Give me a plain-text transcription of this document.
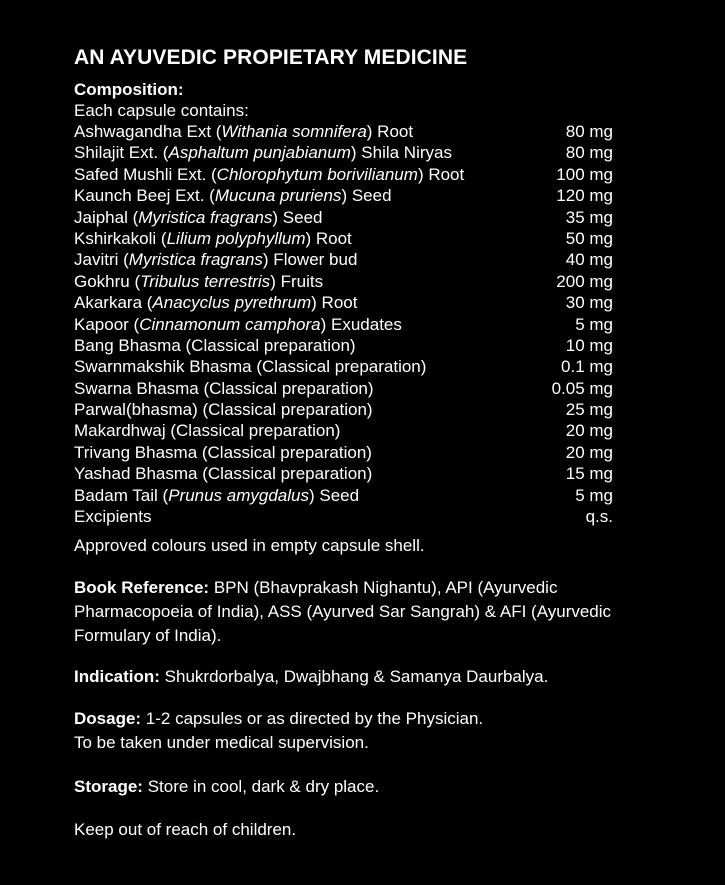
AN AYUVEDIC PROPIETARY MEDICINE
Composition:
Each capsule contains:
Ashwagandha Ext (Withania somnifera) Root	80 mg
Shilajit Ext. (Asphaltum punjabianum) Shila Niryas	80 mg
Safed Mushli Ext. (Chlorophytum borivilianum) Root	100 mg
Kaunch Beej Ext. (Mucuna pruriens) Seed	120 mg
Jaiphal (Myristica fragrans) Seed	35 mg
Kshirkakoli (Lilium polyphyllum) Root	50 mg
Javitri (Myristica fragrans) Flower bud	40 mg
Gokhru (Tribulus terrestris) Fruits	200 mg
Akarkara (Anacyclus pyrethrum) Root	30 mg
Kapoor (Cinnamonum camphora) Exudates	5 mg
Bang Bhasma (Classical preparation)	10 mg
Swarnmakshik Bhasma (Classical preparation)	0.1 mg
Swarna Bhasma (Classical preparation)	0.05 mg
Parwal(bhasma) (Classical preparation)	25 mg
Makardhwaj (Classical preparation)	20 mg
Trivang Bhasma (Classical preparation)	20 mg
Yashad Bhasma (Classical preparation)	15 mg
Badam Tail (Prunus amygdalus) Seed	5 mg
Excipients	q.s.
Approved colours used in empty capsule shell.
Book Reference: BPN (Bhavprakash Nighantu), API (Ayurvedic Pharmacopoeia of India), ASS (Ayurved Sar Sangrah) & AFI (Ayurvedic Formulary of India).
Indication: Shukrdorbalya, Dwajbhang & Samanya Daurbalya.
Dosage: 1-2 capsules or as directed by the Physician.
To be taken under medical supervision.
Storage: Store in cool, dark & dry place.
Keep out of reach of children.
